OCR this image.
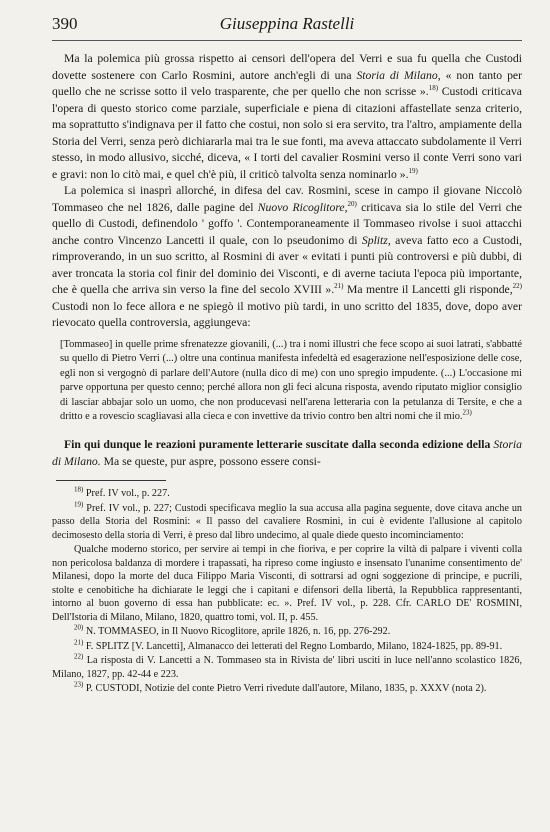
390	Giuseppina Rastelli

Ma la polemica più grossa rispetto ai censori dell'opera del Verri e sua fu quella che Custodi dovette sostenere con Carlo Rosmini, autore anch'egli di una Storia di Milano, « non tanto per quello che ne scrisse sotto il velo trasparente, che per quello che non scrisse ».$^{18)}$ Custodi criticava l'opera di questo storico come parziale, superficiale e piena di citazioni affastellate senza criterio, ma soprattutto s'indignava per il fatto che costui, non solo si era servito, tra l'altro, ampiamente della Storia del Verri, senza però dichiararla mai tra le sue fonti, ma aveva attaccato subdolamente il Verri stesso, in modo allusivo, sicché, diceva, « I torti del cavalier Rosmini verso il conte Verri sono vari e gravi: non lo citò mai, e quel ch'è più, il criticò talvolta senza nominarlo ».$^{19)}$

La polemica si inasprì allorché, in difesa del cav. Rosmini, scese in campo il giovane Niccolò Tommaseo che nel 1826, dalle pagine del Nuovo Ricoglitore,$^{20)}$ criticava sia lo stile del Verri che quello di Custodi, definendolo ' goffo '. Contemporaneamente il Tommaseo rivolse i suoi attacchi anche contro Vincenzo Lancetti il quale, con lo pseudonimo di Splitz, aveva fatto eco a Custodi, rimproverando, in un suo scritto, al Rosmini di aver « evitati i punti più controversi e più dubbi, di aver troncata la storia col finir del dominio dei Visconti, e di averne taciuta l'epoca più importante, che è quella che arriva sin verso la fine del secolo XVIII ».$^{21)}$ Ma mentre il Lancetti gli risponde,$^{22)}$ Custodi non lo fece allora e ne spiegò il motivo più tardi, in uno scritto del 1835, dove, dopo aver rievocato quella controversia, aggiungeva:

[Tommaseo] in quelle prime sfrenatezze giovanili, (...) tra i nomi illustri che fece scopo ai suoi latrati, s'abbatté su quello di Pietro Verri (...) oltre una continua manifesta infedeltà ed esagerazione nell'esposizione delle cose, egli non si vergognò di parlare dell'Autore (nulla dico di me) con uno spregio impudente. (...) L'occasione mi parve opportuna per questo cenno; perché allora non gli feci alcuna risposta, avendo riputato miglior consiglio di lasciar abbajar solo un uomo, che non producevasi nell'arena letteraria con la petulanza di Tersite, e che a dritto e a rovescio scagliavasi alla cieca e con invettive da trivio contro ben altri nomi che il mio.$^{23)}$

Fin qui dunque le reazioni puramente letterarie suscitate dalla seconda edizione della Storia di Milano. Ma se queste, pur aspre, possono essere consi-

$^{18)}$ Pref. IV vol., p. 227.

$^{19)}$ Pref. IV vol., p. 227; Custodi specificava meglio la sua accusa alla pagina seguente, dove citava anche un passo della Storia del Rosmini: « Il passo del cavaliere Rosmini, in cui è evidente l'allusione al capitolo decimosesto della storia di Verri, è preso dal libro undecimo, al quale diede questo incominciamento:

Qualche moderno storico, per servire ai tempi in che fioriva, e per coprire la viltà di palpare i viventi colla non pericolosa baldanza di mordere i trapassati, ha ripreso come ingiusto e insensato l'unanime consentimento de' Milanesi, dopo la morte del duca Filippo Maria Visconti, di sottrarsi ad ogni soggezione di principe, e pucrili, stolte e cenobitiche ha dichiarate le leggi che i capitani e difensori della libertà, la Repubblica rappresentanti, intorno al buon governo di essa han pubblicate: ec. ». Pref. IV vol., p. 228. Cfr. CARLO DE' ROSMINI, Dell'Istoria di Milano, Milano, 1820, quattro tomi, vol. II, p. 455.

$^{20)}$ N. TOMMASEO, in Il Nuovo Ricoglitore, aprile 1826, n. 16, pp. 276-292.

$^{21)}$ F. SPLITZ [V. Lancetti], Almanacco dei letterati del Regno Lombardo, Milano, 1824-1825, pp. 89-91.

$^{22)}$ La risposta di V. Lancetti a N. Tommaseo sta in Rivista de' libri usciti in luce nell'anno scolastico 1826, Milano, 1827, pp. 42-44 e 223.

$^{23)}$ P. CUSTODI, Notizie del conte Pietro Verri rivedute dall'autore, Milano, 1835, p. XXXV (nota 2).
